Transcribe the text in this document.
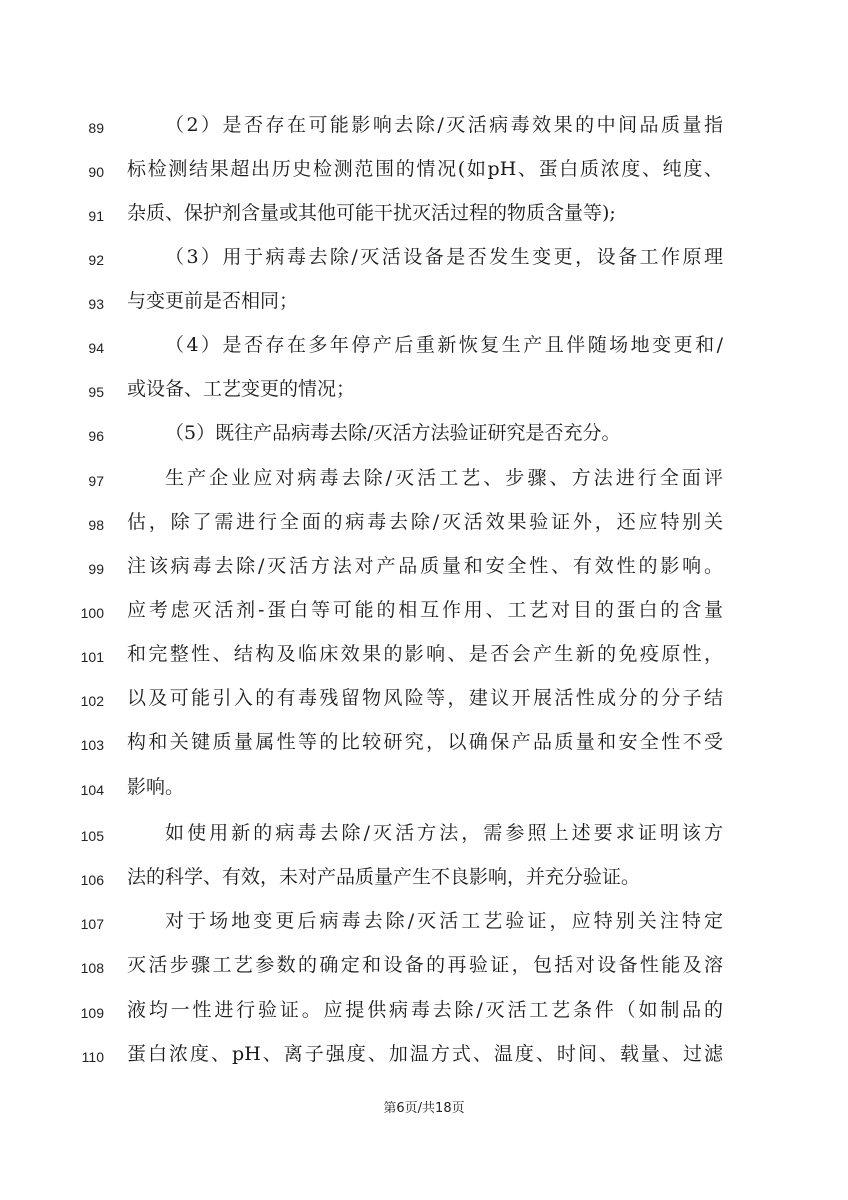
89	（2）是否存在可能影响去除/灭活病毒效果的中间品质量指
90 标检测结果超出历史检测范围的情况(如pH、蛋白质浓度、纯度、
91 杂质、保护剂含量或其他可能干扰灭活过程的物质含量等);
92	（3）用于病毒去除/灭活设备是否发生变更，设备工作原理
93 与变更前是否相同；
94	（4）是否存在多年停产后重新恢复生产且伴随场地变更和/
95 或设备、工艺变更的情况；
96	（5）既往产品病毒去除/灭活方法验证研究是否充分。
97	生产企业应对病毒去除/灭活工艺、步骤、方法进行全面评
98 估，除了需进行全面的病毒去除/灭活效果验证外，还应特别关
99 注该病毒去除/灭活方法对产品质量和安全性、有效性的影响。
100 应考虑灭活剂-蛋白等可能的相互作用、工艺对目的蛋白的含量
101 和完整性、结构及临床效果的影响、是否会产生新的免疫原性，
102 以及可能引入的有毒残留物风险等，建议开展活性成分的分子结
103 构和关键质量属性等的比较研究，以确保产品质量和安全性不受
104 影响。
105	如使用新的病毒去除/灭活方法，需参照上述要求证明该方
106 法的科学、有效，未对产品质量产生不良影响，并充分验证。
107	对于场地变更后病毒去除/灭活工艺验证，应特别关注特定
108 灭活步骤工艺参数的确定和设备的再验证，包括对设备性能及溶
109 液均一性进行验证。应提供病毒去除/灭活工艺条件（如制品的
110 蛋白浓度、pH、离子强度、加温方式、温度、时间、载量、过滤
第6页/共18页
